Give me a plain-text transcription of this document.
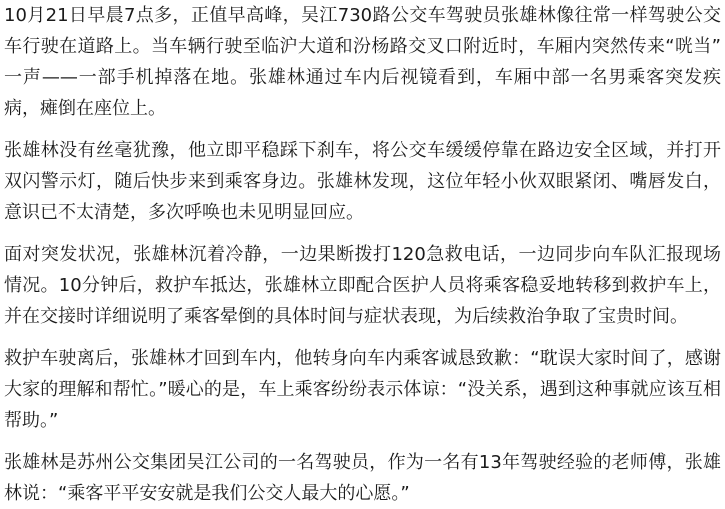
10月21日早晨7点多，正值早高峰，吴江730路公交车驾驶员张雄林像往常一样驾驶公交车行驶在道路上。当车辆行驶至临沪大道和汾杨路交叉口附近时，车厢内突然传来“咣当”一声——一部手机掉落在地。张雄林通过车内后视镜看到，车厢中部一名男乘客突发疾病，瘫倒在座位上。

张雄林没有丝毫犹豫，他立即平稳踩下刹车，将公交车缓缓停靠在路边安全区域，并打开双闪警示灯，随后快步来到乘客身边。张雄林发现，这位年轻小伙双眼紧闭、嘴唇发白，意识已不太清楚，多次呼唤也未见明显回应。

面对突发状况，张雄林沉着冷静，一边果断拨打120急救电话，一边同步向车队汇报现场情况。10分钟后，救护车抵达，张雄林立即配合医护人员将乘客稳妥地转移到救护车上，并在交接时详细说明了乘客晕倒的具体时间与症状表现，为后续救治争取了宝贵时间。

救护车驶离后，张雄林才回到车内，他转身向车内乘客诚恳致歉：“耽误大家时间了，感谢大家的理解和帮忙。”暖心的是，车上乘客纷纷表示体谅：“没关系，遇到这种事就应该互相帮助。”

张雄林是苏州公交集团吴江公司的一名驾驶员，作为一名有13年驾驶经验的老师傅，张雄林说：“乘客平平安安就是我们公交人最大的心愿。”
